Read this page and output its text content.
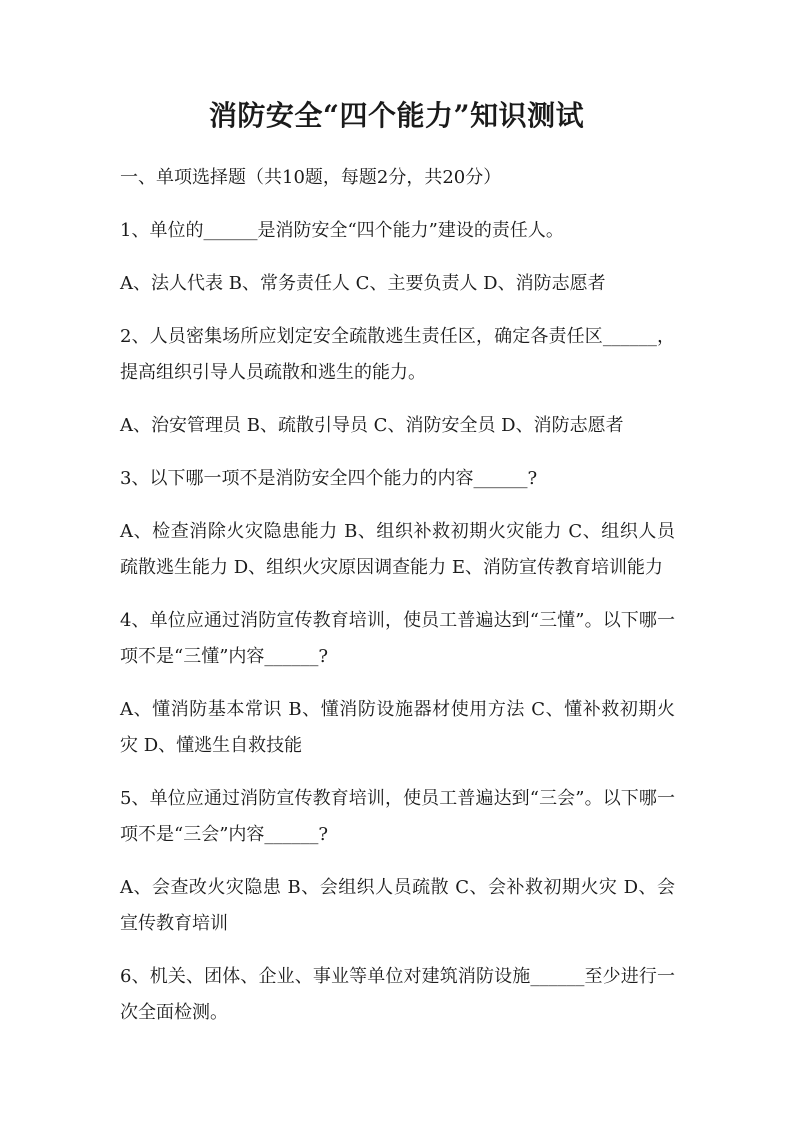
消防安全“四个能力”知识测试

一、单项选择题（共10题，每题2分，共20分）

1、单位的______是消防安全“四个能力”建设的责任人。

A、法人代表 B、常务责任人 C、主要负责人 D、消防志愿者

2、人员密集场所应划定安全疏散逃生责任区，确定各责任区______，提高组织引导人员疏散和逃生的能力。

A、治安管理员 B、疏散引导员 C、消防安全员 D、消防志愿者

3、以下哪一项不是消防安全四个能力的内容______?

A、检查消除火灾隐患能力 B、组织补救初期火灾能力 C、组织人员疏散逃生能力 D、组织火灾原因调查能力 E、消防宣传教育培训能力

4、单位应通过消防宣传教育培训，使员工普遍达到“三懂”。以下哪一项不是“三懂”内容______?

A、懂消防基本常识 B、懂消防设施器材使用方法 C、懂补救初期火灾 D、懂逃生自救技能

5、单位应通过消防宣传教育培训，使员工普遍达到“三会”。以下哪一项不是“三会”内容______?

A、会查改火灾隐患 B、会组织人员疏散 C、会补救初期火灾 D、会宣传教育培训

6、机关、团体、企业、事业等单位对建筑消防设施______至少进行一次全面检测。
